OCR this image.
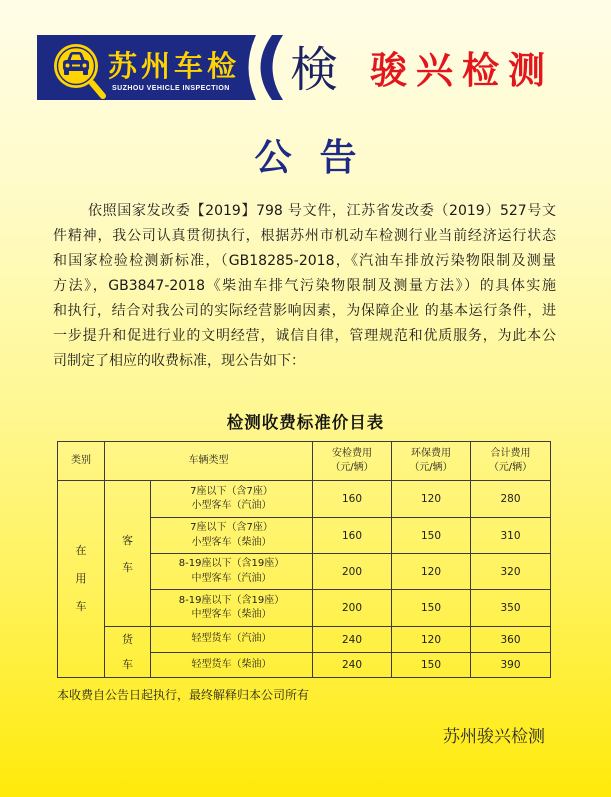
苏州车检
SUZHOU VEHICLE INSPECTION 検 骏兴检测
公告
依照国家发改委【2019】798 号文件，江苏省发改委（2019）527号文
件精神，我公司认真贯彻执行，根据苏州市机动车检测行业当前经济运行状态
和国家检验检测新标准，（GB18285-2018，《汽油车排放污染物限制及测量
方法》，GB3847-2018《柴油车排气污染物限制及测量方法》）的具体实施
和执行，结合对我公司的实际经营影响因素，为保障企业 的基本运行条件，进
一步提升和促进行业的文明经营，诚信自律，管理规范和优质服务，为此本公
司制定了相应的收费标准，现公告如下：
检测收费标准价目表
类别	车辆类型		安检费用
（元/辆）	环保费用
（元/辆）	合计费用
（元/辆）

在用车	客车	7座以下（含7座）
小型客车（汽油）	160	120	280

		7座以下（含7座）
小型客车（柴油）	160	150	310

		8-19座以下（含19座）
中型客车（汽油）	200	120	320

		8-19座以下（含19座）
中型客车（柴油）	200	150	350
	货车	轻型货车（汽油）	240	120	360

		轻型货车（柴油）	240	150	390
本收费自公告日起执行，最终解释归本公司所有
苏州骏兴检测
